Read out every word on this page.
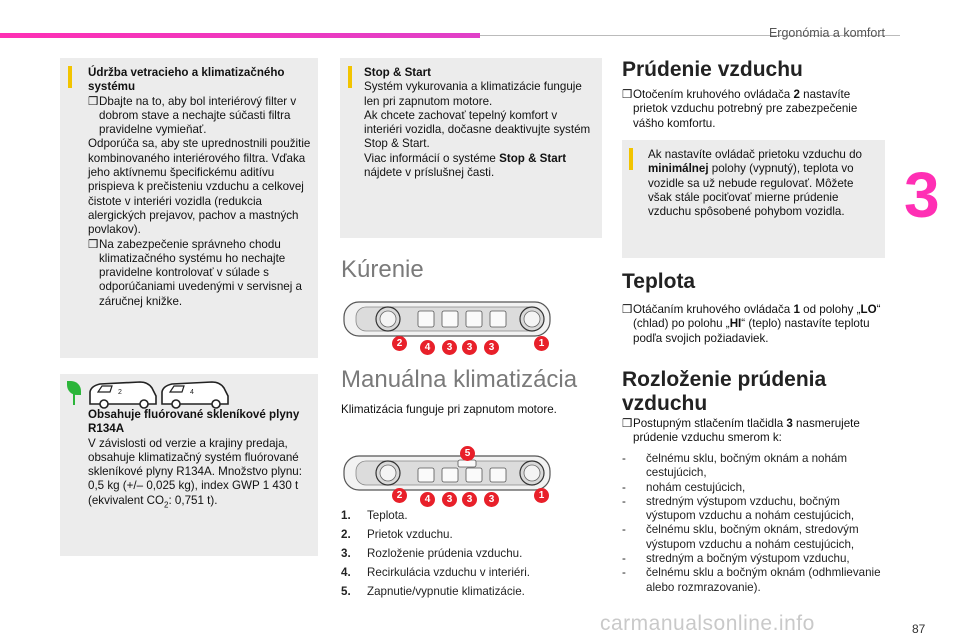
Ergonómia a komfort
3
87
Údržba vetracieho a klimatizačného systému
❒Dbajte na to, aby bol interiérový filter v dobrom stave a nechajte súčasti filtra pravidelne vymieňať.
Odporúča sa, aby ste uprednostnili použitie kombinovaného interiérového filtra. Vďaka jeho aktívnemu špecifickému aditívu prispieva k prečisteniu vzduchu a celkovej čistote v interiéri vozidla (redukcia alergických prejavov, pachov a mastných povlakov).
❒Na zabezpečenie správneho chodu klimatizačného systému ho nechajte pravidelne kontrolovať v súlade s odporúčaniami uvedenými v servisnej a záručnej knižke.
2	4
Obsahuje fluórované skleníkové plyny R134A
V závislosti od verzie a krajiny predaja, obsahuje klimatizačný systém fluórované skleníkové plyny R134A. Množstvo plynu: 0,5 kg (+/– 0,025 kg), index GWP 1 430 t (ekvivalent $CO_2$: 0,751 t).
Stop & Start
Systém vykurovania a klimatizácie funguje len pri zapnutom motore.
Ak chcete zachovať tepelný komfort v interiéri vozidla, dočasne deaktivujte systém Stop & Start.
Viac informácií o systéme Stop & Start nájdete v príslušnej časti.
Kúrenie
2	4	3	3	3	1
Manuálna klimatizácia
Klimatizácia funguje pri zapnutom motore.
5
2	4	3	3	3	1
1. Teplota.
2. Prietok vzduchu.
3. Rozloženie prúdenia vzduchu.
4. Recirkulácia vzduchu v interiéri.
5. Zapnutie/vypnutie klimatizácie.
Prúdenie vzduchu
❒Otočením kruhového ovládača 2 nastavíte prietok vzduchu potrebný pre zabezpečenie vášho komfortu.
Ak nastavíte ovládač prietoku vzduchu do minimálnej polohy (vypnutý), teplota vo vozidle sa už nebude regulovať. Môžete však stále pociťovať mierne prúdenie vzduchu spôsobené pohybom vozidla.
Teplota
❒Otáčaním kruhového ovládača 1 od polohy „LO“ (chlad) po polohu „HI“ (teplo) nastavíte teplotu podľa svojich požiadaviek.
Rozloženie prúdenia vzduchu
❒Postupným stlačením tlačidla 3 nasmerujete prúdenie vzduchu smerom k:
- čelnému sklu, bočným oknám a nohám cestujúcich,
- nohám cestujúcich,
- stredným výstupom vzduchu, bočným výstupom vzduchu a nohám cestujúcich,
- čelnému sklu, bočným oknám, stredovým výstupom vzduchu a nohám cestujúcich,
- stredným a bočným výstupom vzduchu,
- čelnému sklu a bočným oknám (odhmlievanie alebo rozmrazovanie).
carmanualsonline.info
